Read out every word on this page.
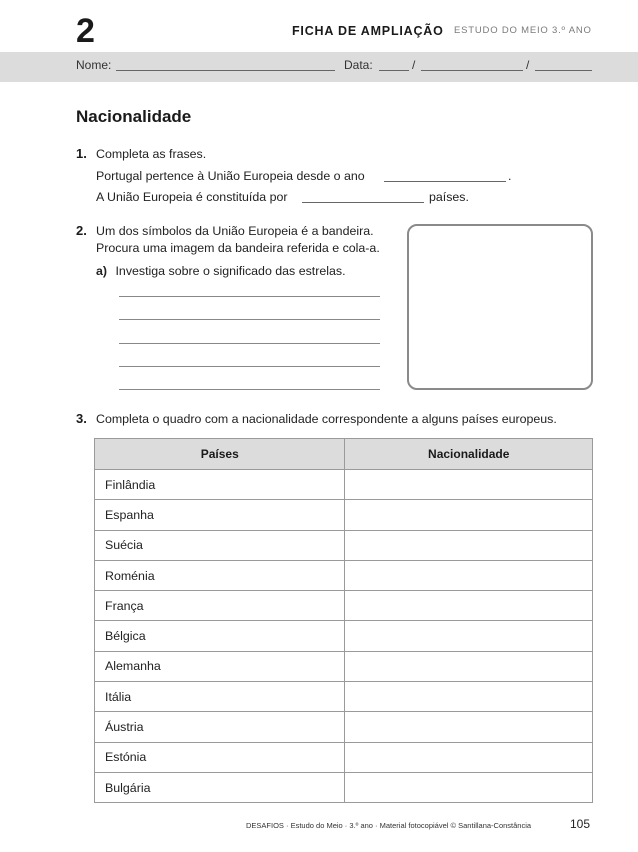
2	FICHA DE AMPLIAÇÃO ESTUDO DO MEIO 3.º ANO
Nome:	Data:	/	/
Nacionalidade
1. Completa as frases.
Portugal pertence à União Europeia desde o ano	.
A União Europeia é constituída por	países.
2. Um dos símbolos da União Europeia é a bandeira.
Procura uma imagem da bandeira referida e cola-a.
a) Investiga sobre o significado das estrelas.
3. Completa o quadro com a nacionalidade correspondente a alguns países europeus.
Países	Nacionalidade
Finlândia	
Espanha	
Suécia	
Roménia	
França	
Bélgica	
Alemanha	
Itália	
Áustria	
Estónia	
Bulgária	
DESAFIOS · Estudo do Meio · 3.º ano · Material fotocopiável © Santillana-Constância	105
